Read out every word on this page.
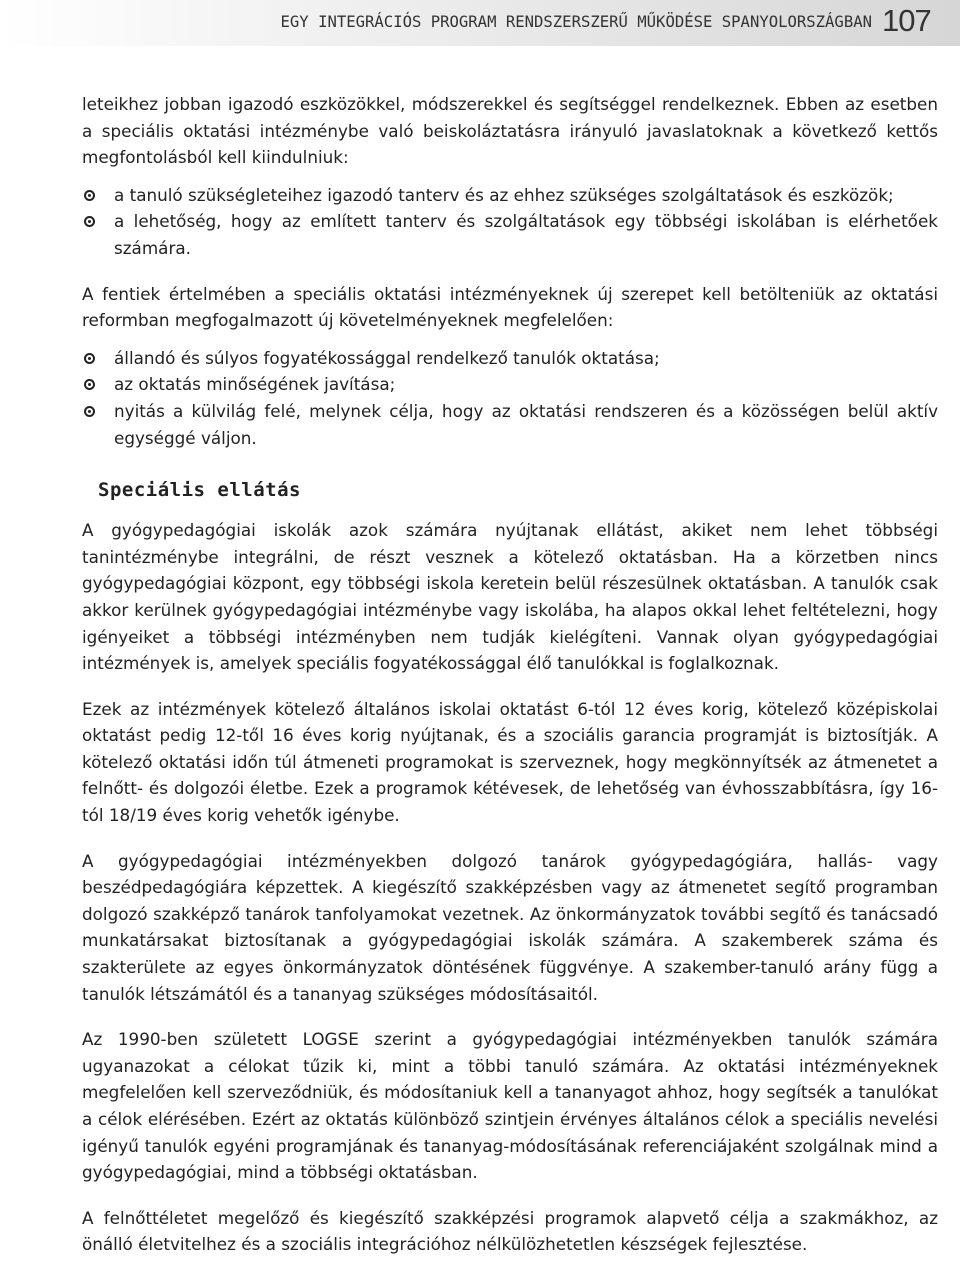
EGY INTEGRÁCIÓS PROGRAM RENDSZERSZERŰ MŰKÖDÉSE SPANYOLORSZÁGBAN 107

leteikhez jobban igazodó eszközökkel, módszerekkel és segítséggel rendelkeznek. Ebben az esetben a speciális oktatási intézménybe való beiskoláztatásra irányuló javaslatoknak a következő kettős megfontolásból kell kiindulniuk:

a tanuló szükségleteihez igazodó tanterv és az ehhez szükséges szolgáltatások és eszközök;
a lehetőség, hogy az említett tanterv és szolgáltatások egy többségi iskolában is elérhetőek számára.

A fentiek értelmében a speciális oktatási intézményeknek új szerepet kell betölteniük az oktatási reformban megfogalmazott új követelményeknek megfelelően:

állandó és súlyos fogyatékossággal rendelkező tanulók oktatása;
az oktatás minőségének javítása;
nyitás a külvilág felé, melynek célja, hogy az oktatási rendszeren és a közösségen belül aktív egységgé váljon.
Speciális ellátás

A gyógypedagógiai iskolák azok számára nyújtanak ellátást, akiket nem lehet többségi tanintézménybe integrálni, de részt vesznek a kötelező oktatásban. Ha a körzetben nincs gyógypedagógiai központ, egy többségi iskola keretein belül részesülnek oktatásban. A tanulók csak akkor kerülnek gyógypedagógiai intézménybe vagy iskolába, ha alapos okkal lehet feltételezni, hogy igényeiket a többségi intézményben nem tudják kielégíteni. Vannak olyan gyógypedagógiai intézmények is, amelyek speciális fogyatékossággal élő tanulókkal is foglalkoznak.

Ezek az intézmények kötelező általános iskolai oktatást 6-tól 12 éves korig, kötelező középiskolai oktatást pedig 12-től 16 éves korig nyújtanak, és a szociális garancia programját is biztosítják. A kötelező oktatási időn túl átmeneti programokat is szerveznek, hogy megkönnyítsék az átmenetet a felnőtt- és dolgozói életbe. Ezek a programok kétévesek, de lehetőség van évhosszabbításra, így 16-tól 18/19 éves korig vehetők igénybe.

A gyógypedagógiai intézményekben dolgozó tanárok gyógypedagógiára, hallás- vagy beszédpedagógiára képzettek. A kiegészítő szakképzésben vagy az átmenetet segítő programban dolgozó szakképző tanárok tanfolyamokat vezetnek. Az önkormányzatok további segítő és tanácsadó munkatársakat biztosítanak a gyógypedagógiai iskolák számára. A szakemberek száma és szakterülete az egyes önkormányzatok döntésének függvénye. A szakember-tanuló arány függ a tanulók létszámától és a tananyag szükséges módosításaitól.

Az 1990-ben született LOGSE szerint a gyógypedagógiai intézményekben tanulók számára ugyanazokat a célokat tűzik ki, mint a többi tanuló számára. Az oktatási intézményeknek megfelelően kell szerveződniük, és módosítaniuk kell a tananyagot ahhoz, hogy segítsék a tanulókat a célok elérésében. Ezért az oktatás különböző szintjein érvényes általános célok a speciális nevelési igényű tanulók egyéni programjának és tananyag-módosításának referenciájaként szolgálnak mind a gyógypedagógiai, mind a többségi oktatásban.

A felnőttéletet megelőző és kiegészítő szakképzési programok alapvető célja a szakmákhoz, az önálló életvitelhez és a szociális integrációhoz nélkülözhetetlen készségek fejlesztése.
